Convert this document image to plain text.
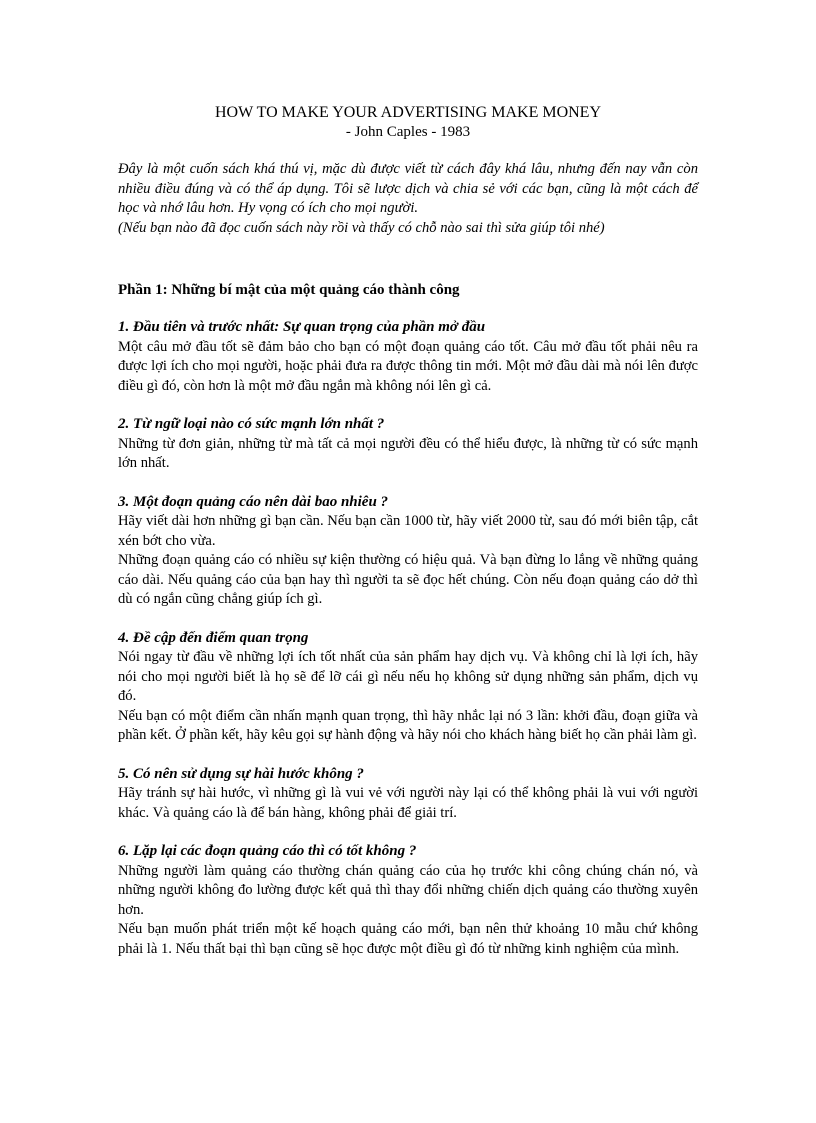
HOW TO MAKE YOUR ADVERTISING MAKE MONEY
- John Caples - 1983

Đây là một cuốn sách khá thú vị, mặc dù được viết từ cách đây khá lâu, nhưng đến nay vẫn còn nhiều điều đúng và có thể áp dụng. Tôi sẽ lược dịch và chia sẻ với các bạn, cũng là một cách để học và nhớ lâu hơn. Hy vọng có ích cho mọi người.

(Nếu bạn nào đã đọc cuốn sách này rồi và thấy có chỗ nào sai thì sửa giúp tôi nhé)

Phần 1: Những bí mật của một quảng cáo thành công
1. Đầu tiên và trước nhất: Sự quan trọng của phần mở đầu

Một câu mở đầu tốt sẽ đảm bảo cho bạn có một đoạn quảng cáo tốt. Câu mở đầu tốt phải nêu ra được lợi ích cho mọi người, hoặc phải đưa ra được thông tin mới. Một mở đầu dài mà nói lên được điều gì đó, còn hơn là một mở đầu ngắn mà không nói lên gì cả.

2. Từ ngữ loại nào có sức mạnh lớn nhất ?

Những từ đơn giản, những từ mà tất cả mọi người đều có thể hiểu được, là những từ có sức mạnh lớn nhất.

3. Một đoạn quảng cáo nên dài bao nhiêu ?

Hãy viết dài hơn những gì bạn cần. Nếu bạn cần 1000 từ, hãy viết 2000 từ, sau đó mới biên tập, cắt xén bớt cho vừa.

Những đoạn quảng cáo có nhiều sự kiện thường có hiệu quả. Và bạn đừng lo lắng về những quảng cáo dài. Nếu quảng cáo của bạn hay thì người ta sẽ đọc hết chúng. Còn nếu đoạn quảng cáo dở thì dù có ngắn cũng chẳng giúp ích gì.

4. Đề cập đến điểm quan trọng

Nói ngay từ đầu về những lợi ích tốt nhất của sản phẩm hay dịch vụ. Và không chỉ là lợi ích, hãy nói cho mọi người biết là họ sẽ để lỡ cái gì nếu nếu họ không sử dụng những sản phẩm, dịch vụ đó.

Nếu bạn có một điểm cần nhấn mạnh quan trọng, thì hãy nhắc lại nó 3 lần: khởi đầu, đoạn giữa và phần kết. Ở phần kết, hãy kêu gọi sự hành động và hãy nói cho khách hàng biết họ cần phải làm gì.

5. Có nên sử dụng sự hài hước không ?

Hãy tránh sự hài hước, vì những gì là vui vẻ với người này lại có thể không phải là vui với người khác. Và quảng cáo là để bán hàng, không phải để giải trí.

6. Lặp lại các đoạn quảng cáo thì có tốt không ?

Những người làm quảng cáo thường chán quảng cáo của họ trước khi công chúng chán nó, và những người không đo lường được kết quả thì thay đổi những chiến dịch quảng cáo thường xuyên hơn.

Nếu bạn muốn phát triển một kế hoạch quảng cáo mới, bạn nên thử khoảng 10 mẫu chứ không phải là 1. Nếu thất bại thì bạn cũng sẽ học được một điều gì đó từ những kinh nghiệm của mình.
